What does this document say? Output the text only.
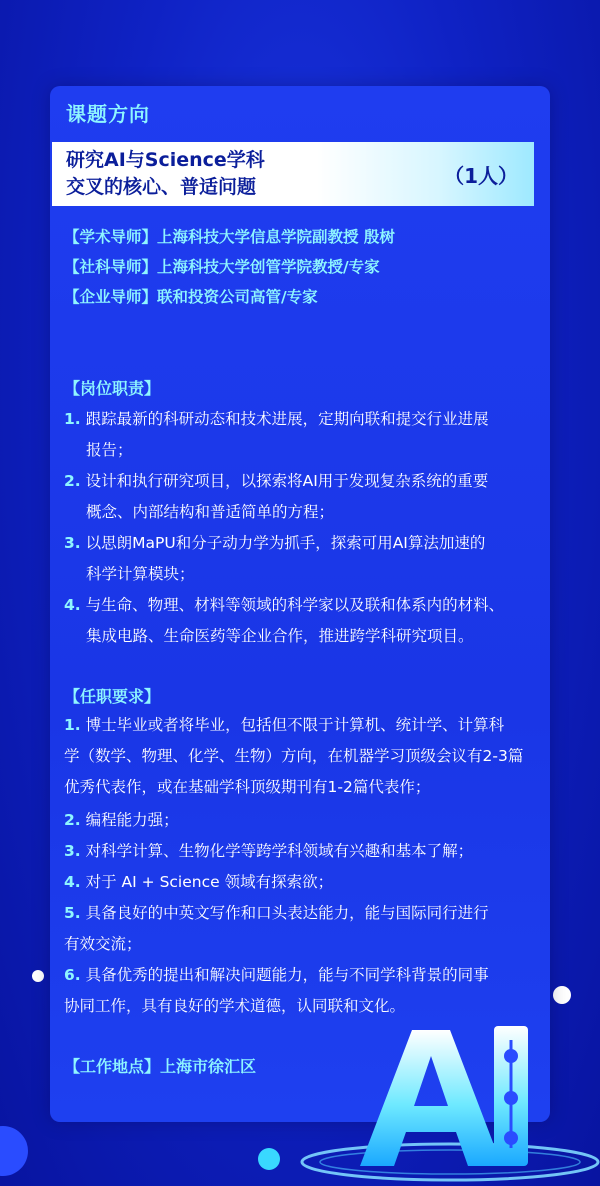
课题方向
研究AI与Science学科
交叉的核心、普适问题	（1人）
【学术导师】上海科技大学信息学院副教授 殷树
【社科导师】上海科技大学创管学院教授/专家
【企业导师】联和投资公司高管/专家
【岗位职责】
1. 跟踪最新的科研动态和技术进展，定期向联和提交行业进展
报告；
2. 设计和执行研究项目，以探索将AI用于发现复杂系统的重要
概念、内部结构和普适简单的方程；
3. 以思朗MaPU和分子动力学为抓手，探索可用AI算法加速的
科学计算模块；
4. 与生命、物理、材料等领域的科学家以及联和体系内的材料、
集成电路、生命医药等企业合作，推进跨学科研究项目。
【任职要求】
1. 博士毕业或者将毕业，包括但不限于计算机、统计学、计算科
学（数学、物理、化学、生物）方向，在机器学习顶级会议有2-3篇
优秀代表作，或在基础学科顶级期刊有1-2篇代表作；
2. 编程能力强；
3. 对科学计算、生物化学等跨学科领域有兴趣和基本了解；
4. 对于 AI + Science 领域有探索欲；
5. 具备良好的中英文写作和口头表达能力，能与国际同行进行
有效交流；
6. 具备优秀的提出和解决问题能力，能与不同学科背景的同事
协同工作，具有良好的学术道德，认同联和文化。
【工作地点】上海市徐汇区
AI
